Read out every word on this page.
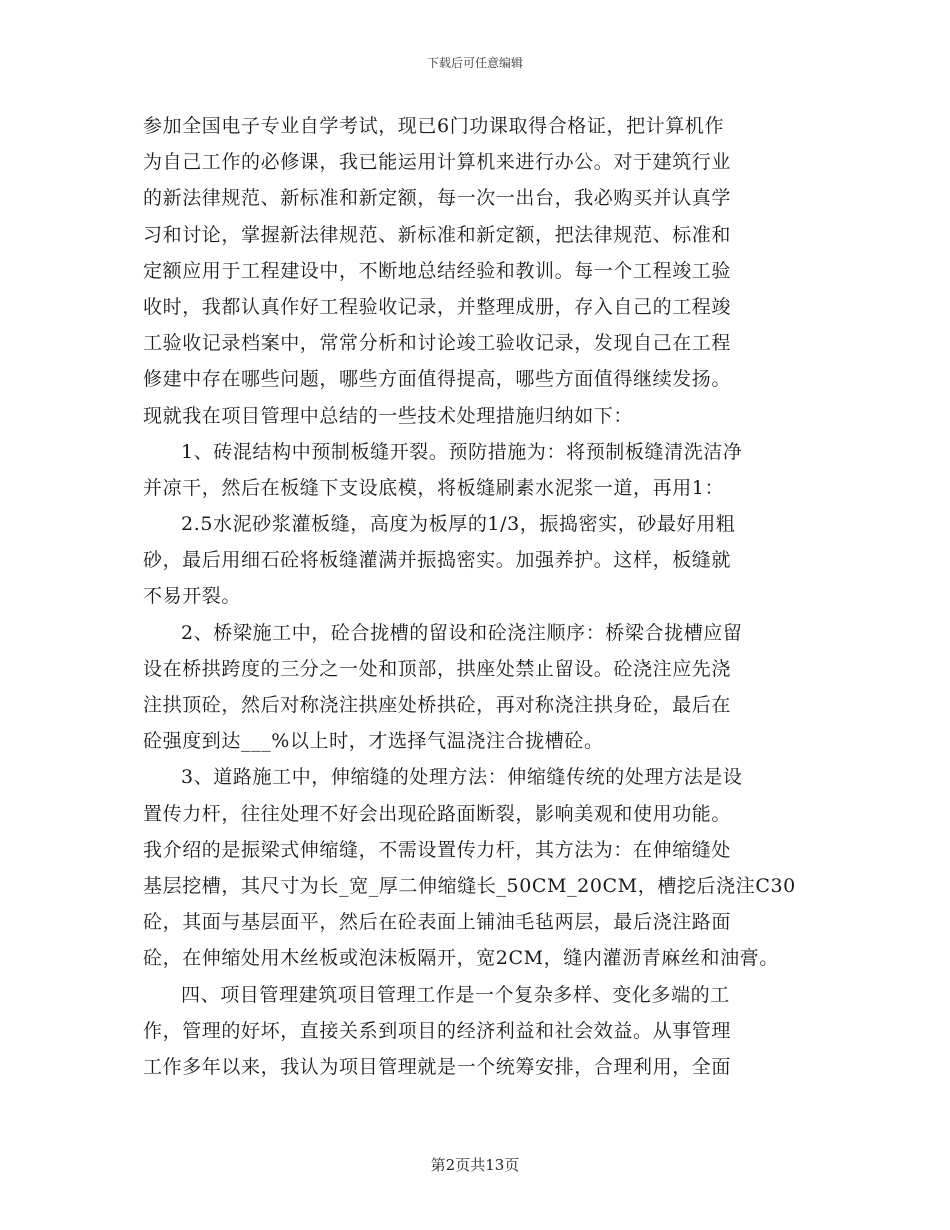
下载后可任意编辑
参加全国电子专业自学考试，现已6门功课取得合格证，把计算机作
为自己工作的必修课，我已能运用计算机来进行办公。对于建筑行业
的新法律规范、新标准和新定额，每一次一出台，我必购买并认真学
习和讨论，掌握新法律规范、新标准和新定额，把法律规范、标准和
定额应用于工程建设中，不断地总结经验和教训。每一个工程竣工验
收时，我都认真作好工程验收记录，并整理成册，存入自己的工程竣
工验收记录档案中，常常分析和讨论竣工验收记录，发现自己在工程
修建中存在哪些问题，哪些方面值得提高，哪些方面值得继续发扬。
现就我在项目管理中总结的一些技术处理措施归纳如下：
1、砖混结构中预制板缝开裂。预防措施为：将预制板缝清洗洁净
并凉干，然后在板缝下支设底模，将板缝刷素水泥浆一道，再用1：
2.5水泥砂浆灌板缝，高度为板厚的1/3，振捣密实，砂最好用粗
砂，最后用细石砼将板缝灌满并振捣密实。加强养护。这样，板缝就
不易开裂。
2、桥梁施工中，砼合拢槽的留设和砼浇注顺序：桥梁合拢槽应留
设在桥拱跨度的三分之一处和顶部，拱座处禁止留设。砼浇注应先浇
注拱顶砼，然后对称浇注拱座处桥拱砼，再对称浇注拱身砼，最后在
砼强度到达___%以上时，才选择气温浇注合拢槽砼。
3、道路施工中，伸缩缝的处理方法：伸缩缝传统的处理方法是设
置传力杆，往往处理不好会出现砼路面断裂，影响美观和使用功能。
我介绍的是振梁式伸缩缝，不需设置传力杆，其方法为：在伸缩缝处
基层挖槽，其尺寸为长_宽_厚二伸缩缝长_50CM_20CM，槽挖后浇注C30
砼，其面与基层面平，然后在砼表面上铺油毛毡两层，最后浇注路面
砼，在伸缩处用木丝板或泡沫板隔开，宽2CM，缝内灌沥青麻丝和油膏。
四、项目管理建筑项目管理工作是一个复杂多样、变化多端的工
作，管理的好坏，直接关系到项目的经济利益和社会效益。从事管理
工作多年以来，我认为项目管理就是一个统筹安排，合理利用，全面
第2页共13页
